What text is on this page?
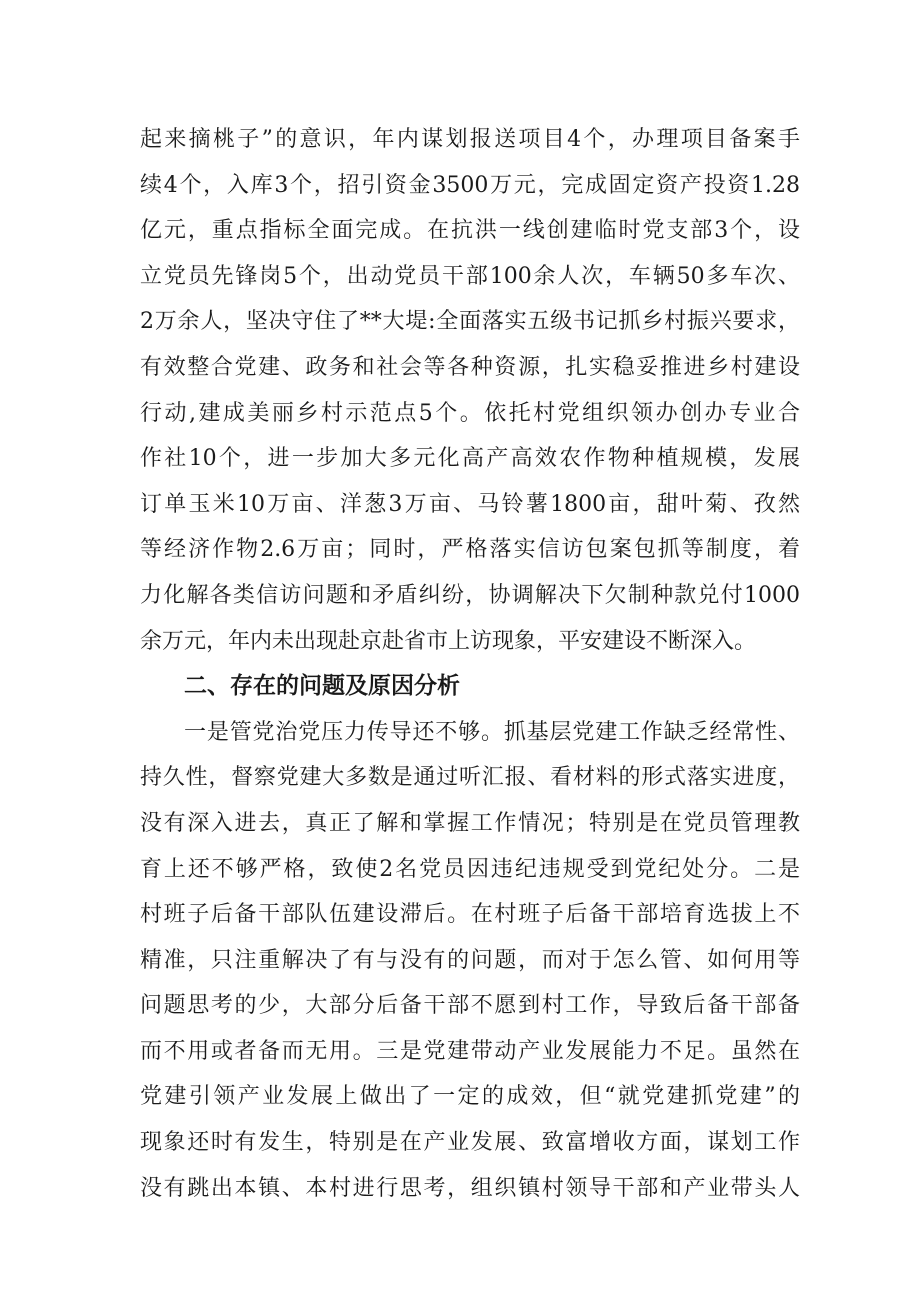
起来摘桃子”的意识，年内谋划报送项目4个，办理项目备案手
续4个，入库3个，招引资金3500万元，完成固定资产投资1.28
亿元，重点指标全面完成。在抗洪一线创建临时党支部3个，设
立党员先锋岗5个，出动党员干部100余人次，车辆50多车次、
2万余人，坚决守住了**大堤:全面落实五级书记抓乡村振兴要求，
有效整合党建、政务和社会等各种资源，扎实稳妥推进乡村建设
行动,建成美丽乡村示范点5个。依托村党组织领办创办专业合
作社10个，进一步加大多元化高产高效农作物种植规模，发展
订单玉米10万亩、洋葱3万亩、马铃薯1800亩，甜叶菊、孜然
等经济作物2.6万亩；同时，严格落实信访包案包抓等制度，着
力化解各类信访问题和矛盾纠纷，协调解决下欠制种款兑付1000
余万元，年内未出现赴京赴省市上访现象，平安建设不断深入。
二、存在的问题及原因分析
一是管党治党压力传导还不够。抓基层党建工作缺乏经常性、
持久性，督察党建大多数是通过听汇报、看材料的形式落实进度，
没有深入进去，真正了解和掌握工作情况；特别是在党员管理教
育上还不够严格，致使2名党员因违纪违规受到党纪处分。二是
村班子后备干部队伍建设滞后。在村班子后备干部培育选拔上不
精准，只注重解决了有与没有的问题，而对于怎么管、如何用等
问题思考的少，大部分后备干部不愿到村工作，导致后备干部备
而不用或者备而无用。三是党建带动产业发展能力不足。虽然在
党建引领产业发展上做出了一定的成效，但“就党建抓党建”的
现象还时有发生，特别是在产业发展、致富增收方面，谋划工作
没有跳出本镇、本村进行思考，组织镇村领导干部和产业带头人
